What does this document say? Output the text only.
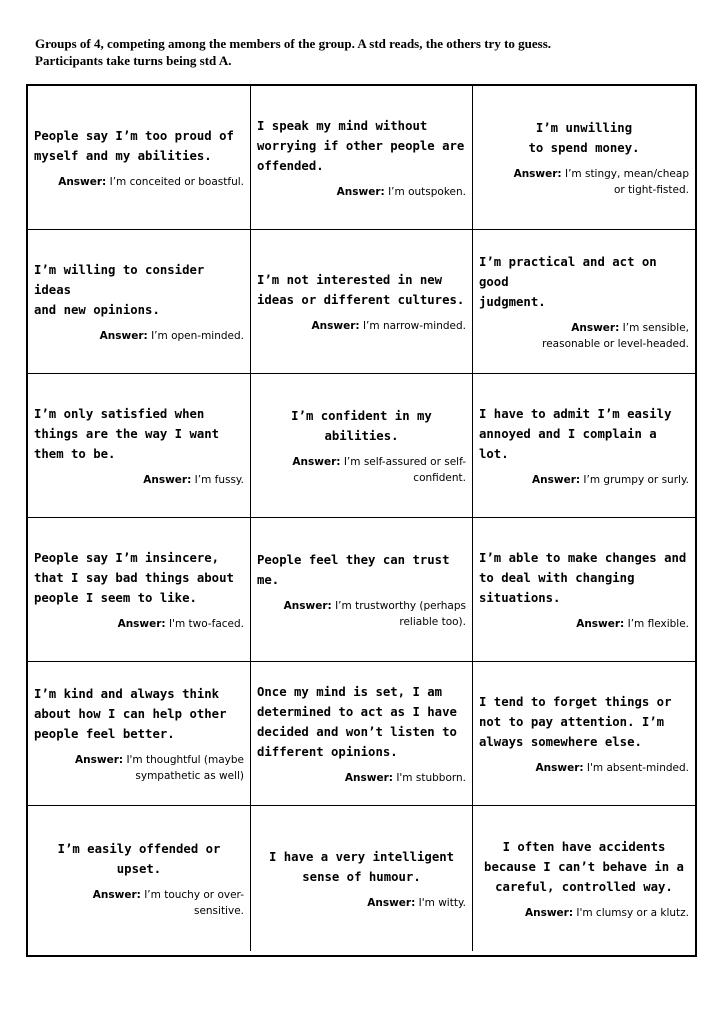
Groups of 4, competing among the members of the group. A std reads, the others try to guess.
Participants take turns being std A.
People say I’m too proud of
myself and my abilities.
Answer: I’m conceited or boastful.
I speak my mind without
worrying if other people are
offended.
Answer: I’m outspoken.
I’m unwilling
to spend money.
Answer: I’m stingy, mean/cheap
or tight-fisted.
I’m willing to consider ideas
and new opinions.
Answer: I’m open-minded.
I’m not interested in new
ideas or different cultures.
Answer: I’m narrow-minded.
I’m practical and act on good
judgment.
Answer: I’m sensible,
reasonable or level-headed.
I’m only satisfied when
things are the way I want
them to be.
Answer: I’m fussy.
I’m confident in my abilities.
Answer: I’m self-assured or self-
confident.
I have to admit I’m easily
annoyed and I complain a lot.
Answer: I’m grumpy or surly.
People say I’m insincere,
that I say bad things about
people I seem to like.
Answer: I'm two-faced.
People feel they can trust
me.
Answer: I’m trustworthy (perhaps
reliable too).
I’m able to make changes and
to deal with changing
situations.
Answer: I’m flexible.
I’m kind and always think
about how I can help other
people feel better.
Answer: I'm thoughtful (maybe
sympathetic as well)
Once my mind is set, I am
determined to act as I have
decided and won’t listen to
different opinions.
Answer: I'm stubborn.
I tend to forget things or
not to pay attention. I’m
always somewhere else.
Answer: I'm absent-minded.
I’m easily offended or upset.
Answer: I’m touchy or over-
sensitive.
I have a very intelligent
sense of humour.
Answer: I'm witty.
I often have accidents
because I can’t behave in a
careful, controlled way.
Answer: I'm clumsy or a klutz.
